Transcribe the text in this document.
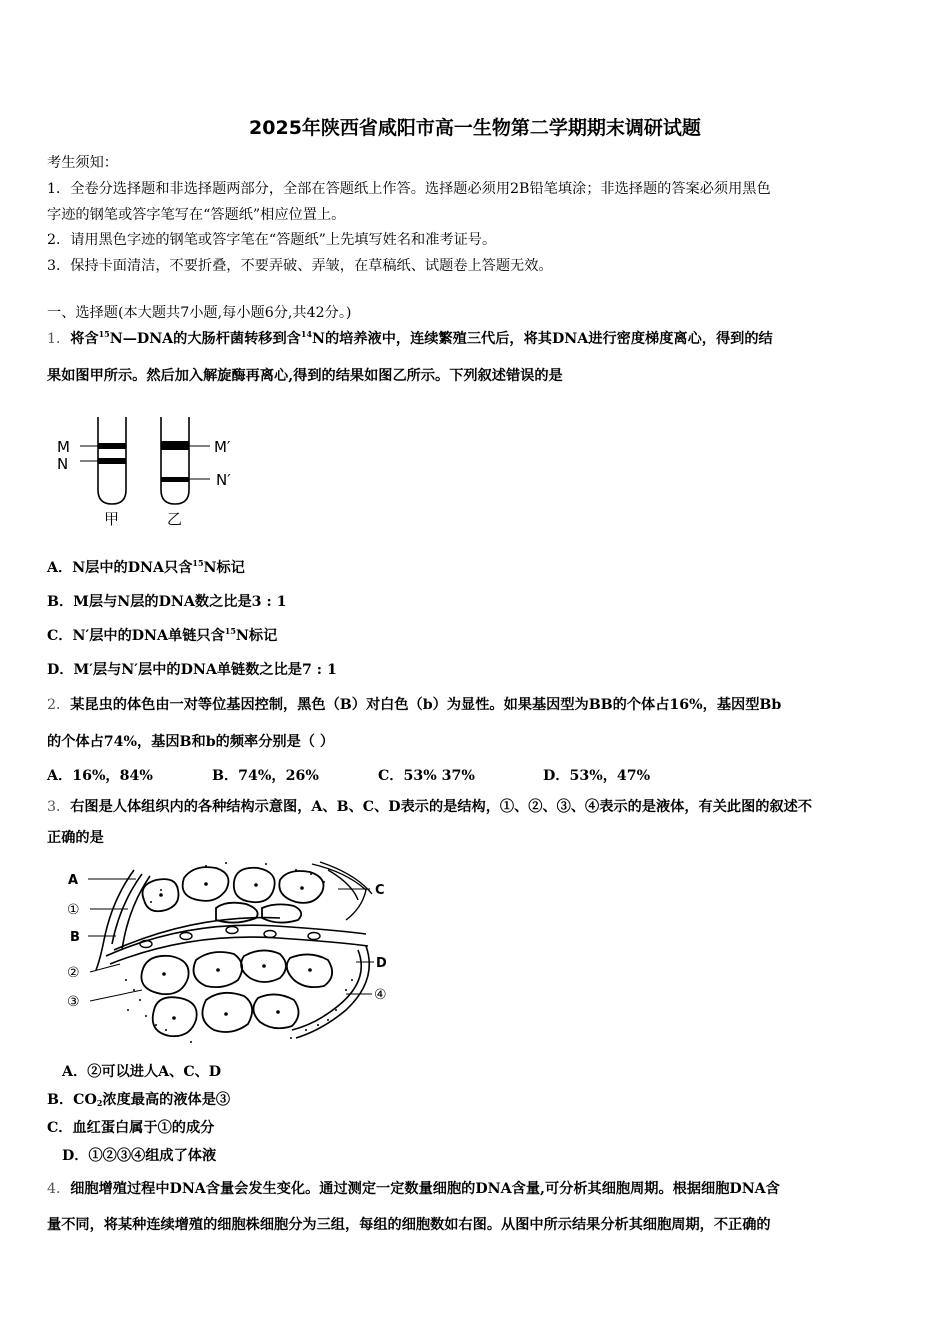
2025年陕西省咸阳市高一生物第二学期期末调研试题
考生须知：
1．全卷分选择题和非选择题两部分，全部在答题纸上作答。选择题必须用2B铅笔填涂；非选择题的答案必须用黑色
字迹的钢笔或答字笔写在“答题纸”相应位置上。
2．请用黑色字迹的钢笔或答字笔在“答题纸”上先填写姓名和准考证号。
3．保持卡面清洁，不要折叠，不要弄破、弄皱，在草稿纸、试题卷上答题无效。
一、选择题(本大题共7小题,每小题6分,共42分。)
1．将含$^{15}$N—DNA的大肠杆菌转移到含$^{14}$N的培养液中，连续繁殖三代后，将其DNA进行密度梯度离心，得到的结
果如图甲所示。然后加入解旋酶再离心,得到的结果如图乙所示。下列叙述错误的是
M
N
M′
N′
甲	乙
A．N层中的DNA只含$^{15}$N标记
B．M层与N层的DNA数之比是3 : 1
C．N′层中的DNA单链只含$^{15}$N标记
D．M′层与N′层中的DNA单链数之比是7 : 1
2．某昆虫的体色由一对等位基因控制，黑色（B）对白色（b）为显性。如果基因型为BB的个体占16%，基因型Bb
的个体占74%，基因B和b的频率分别是（ ）
A．16%，84%	B．74%，26%	C．53% 37%	D．53%，47%
3．右图是人体组织内的各种结构示意图，A、B、C、D表示的是结构，①、②、③、④表示的是液体，有关此图的叙述不
正确的是
A
①
B
②
③
C
D
④
A．②可以进人A、C、D
B．$CO_2$浓度最高的液体是③
C．血红蛋白属于①的成分
D．①②③④组成了体液
4．细胞增殖过程中DNA含量会发生变化。通过测定一定数量细胞的DNA含量,可分析其细胞周期。根据细胞DNA含
量不同，将某种连续增殖的细胞株细胞分为三组，每组的细胞数如右图。从图中所示结果分析其细胞周期，不正确的
